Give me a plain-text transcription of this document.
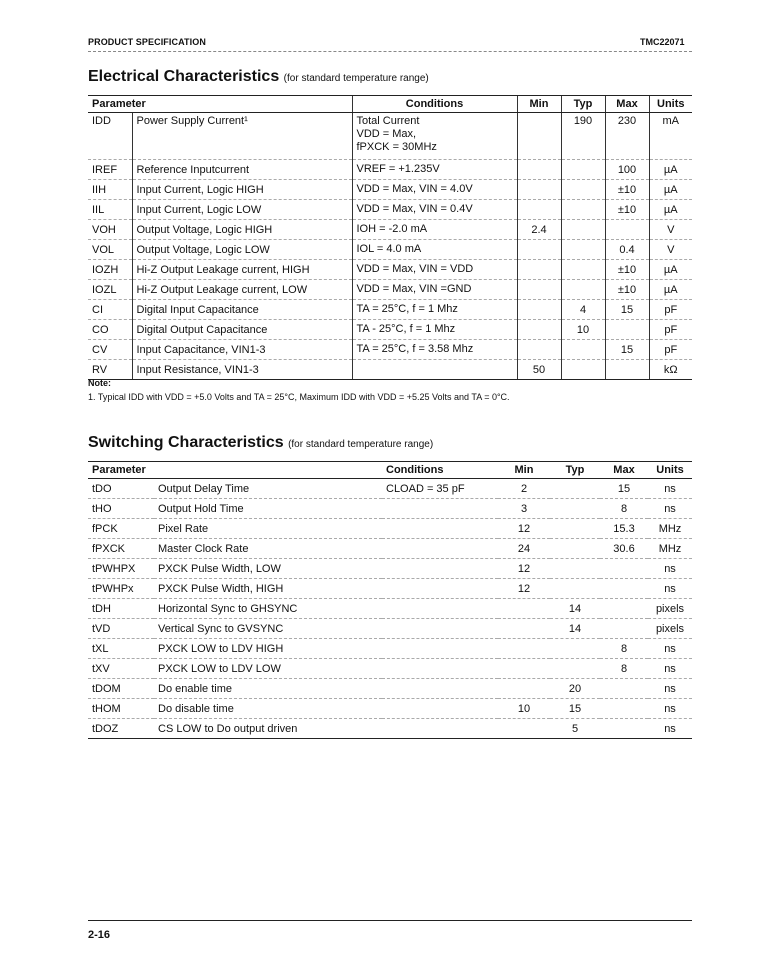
PRODUCT SPECIFICATION	TMC22071
Electrical Characteristics (for standard temperature range)
Parameter		Conditions	Min	Typ	Max	Units
IDD	Power Supply Current¹	Total Current
VDD = Max,
fPXCK = 30MHz		190	230	mA
IREF	Reference Inputcurrent	VREF = +1.235V			100	µA
IIH	Input Current, Logic HIGH	VDD = Max, VIN = 4.0V			±10	µA
IIL	Input Current, Logic LOW	VDD = Max, VIN = 0.4V			±10	µA
VOH	Output Voltage, Logic HIGH	IOH = -2.0 mA	2.4			V
VOL	Output Voltage, Logic LOW	IOL = 4.0 mA			0.4	V
IOZH	Hi-Z Output Leakage current, HIGH	VDD = Max, VIN = VDD			±10	µA
IOZL	Hi-Z Output Leakage current, LOW	VDD = Max, VIN =GND			±10	µA
CI	Digital Input Capacitance	TA = 25°C, f = 1 Mhz		4	15	pF
CO	Digital Output Capacitance	TA - 25°C, f = 1 Mhz		10		pF
CV	Input Capacitance, VIN1-3	TA = 25°C, f = 3.58 Mhz			15	pF
RV	Input Resistance, VIN1-3		50			kΩ
Note:
1. Typical IDD with VDD = +5.0 Volts and TA = 25°C, Maximum IDD with VDD = +5.25 Volts and TA = 0°C.
Switching Characteristics (for standard temperature range)
Parameter		Conditions	Min	Typ	Max	Units
tDO	Output Delay Time	CLOAD = 35 pF	2		15	ns
tHO	Output Hold Time		3		8	ns
fPCK	Pixel Rate		12		15.3	MHz
fPXCK	Master Clock Rate		24		30.6	MHz
tPWHPX	PXCK Pulse Width, LOW		12			ns
tPWHPx	PXCK Pulse Width, HIGH		12			ns
tDH	Horizontal Sync to GHSYNC			14		pixels
tVD	Vertical Sync to GVSYNC			14		pixels
tXL	PXCK LOW to LDV HIGH				8	ns
tXV	PXCK LOW to LDV LOW				8	ns
tDOM	Do enable time			20		ns
tHOM	Do disable time		10	15		ns
tDOZ	CS LOW to Do output driven			5		ns
2-16
